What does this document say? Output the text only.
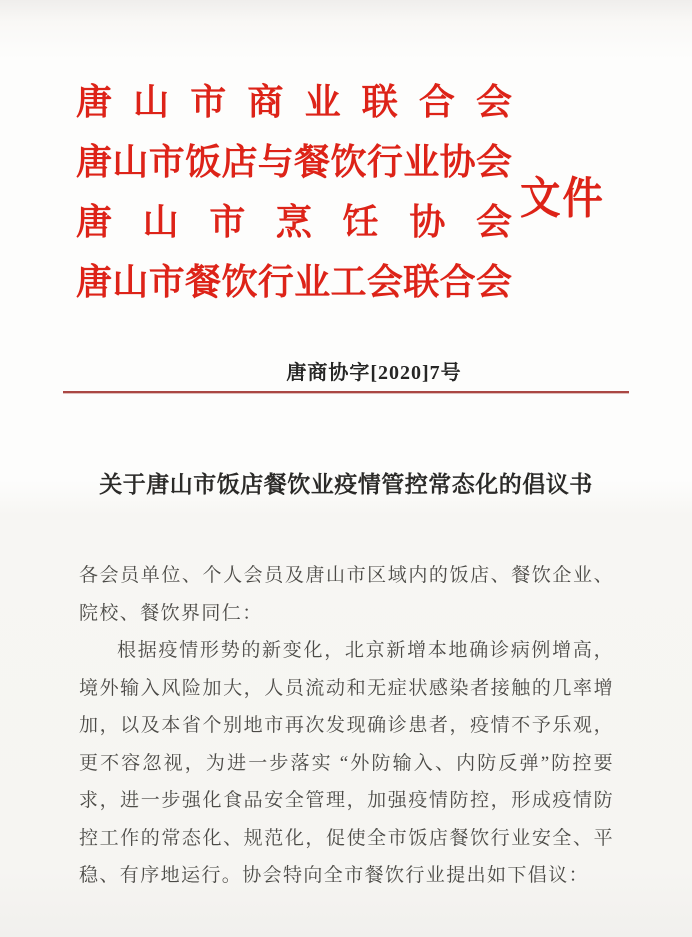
唐山市商业联合会
唐山市饭店与餐饮行业协会
唐山市烹饪协会
唐山市餐饮行业工会联合会
文件
唐商协字[2020]7号
关于唐山市饭店餐饮业疫情管控常态化的倡议书

各会员单位、个人会员及唐山市区域内的饭店、餐饮企业、院校、餐饮界同仁：

根据疫情形势的新变化，北京新增本地确诊病例增高，境外输入风险加大，人员流动和无症状感染者接触的几率增加，以及本省个别地市再次发现确诊患者，疫情不予乐观，更不容忽视，为进一步落实 “外防输入、内防反弹”防控要求，进一步强化食品安全管理，加强疫情防控，形成疫情防控工作的常态化、规范化，促使全市饭店餐饮行业安全、平稳、有序地运行。协会特向全市餐饮行业提出如下倡议：
